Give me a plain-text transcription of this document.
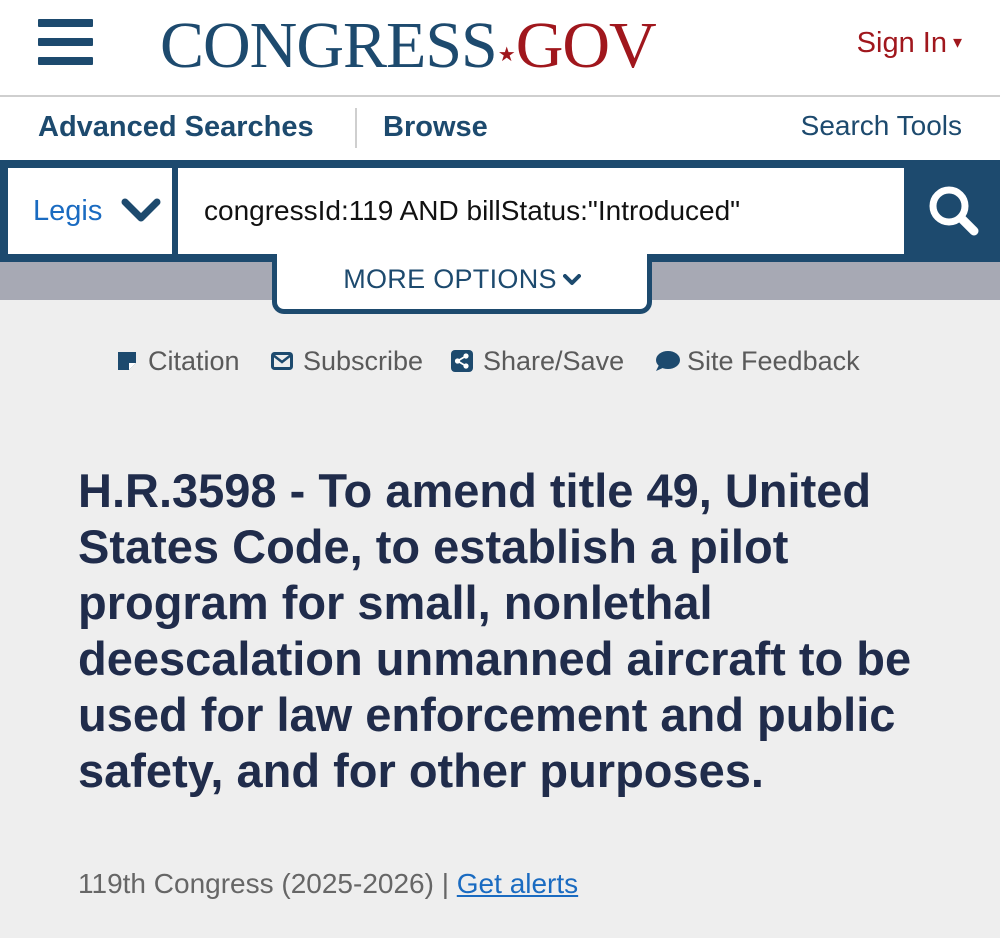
CONGRESS★GOV	Sign In ▾
Advanced Searches Browse	Search Tools
Legis
congressId:119 AND billStatus:"Introduced"
MORE OPTIONS
Citation Subscribe Share/Save Site Feedback
H.R.3598 - To amend title 49, United States Code, to establish a pilot program for small, nonlethal deescalation unmanned aircraft to be used for law enforcement and public safety, and for other purposes.
119th Congress (2025-2026) | Get alerts
